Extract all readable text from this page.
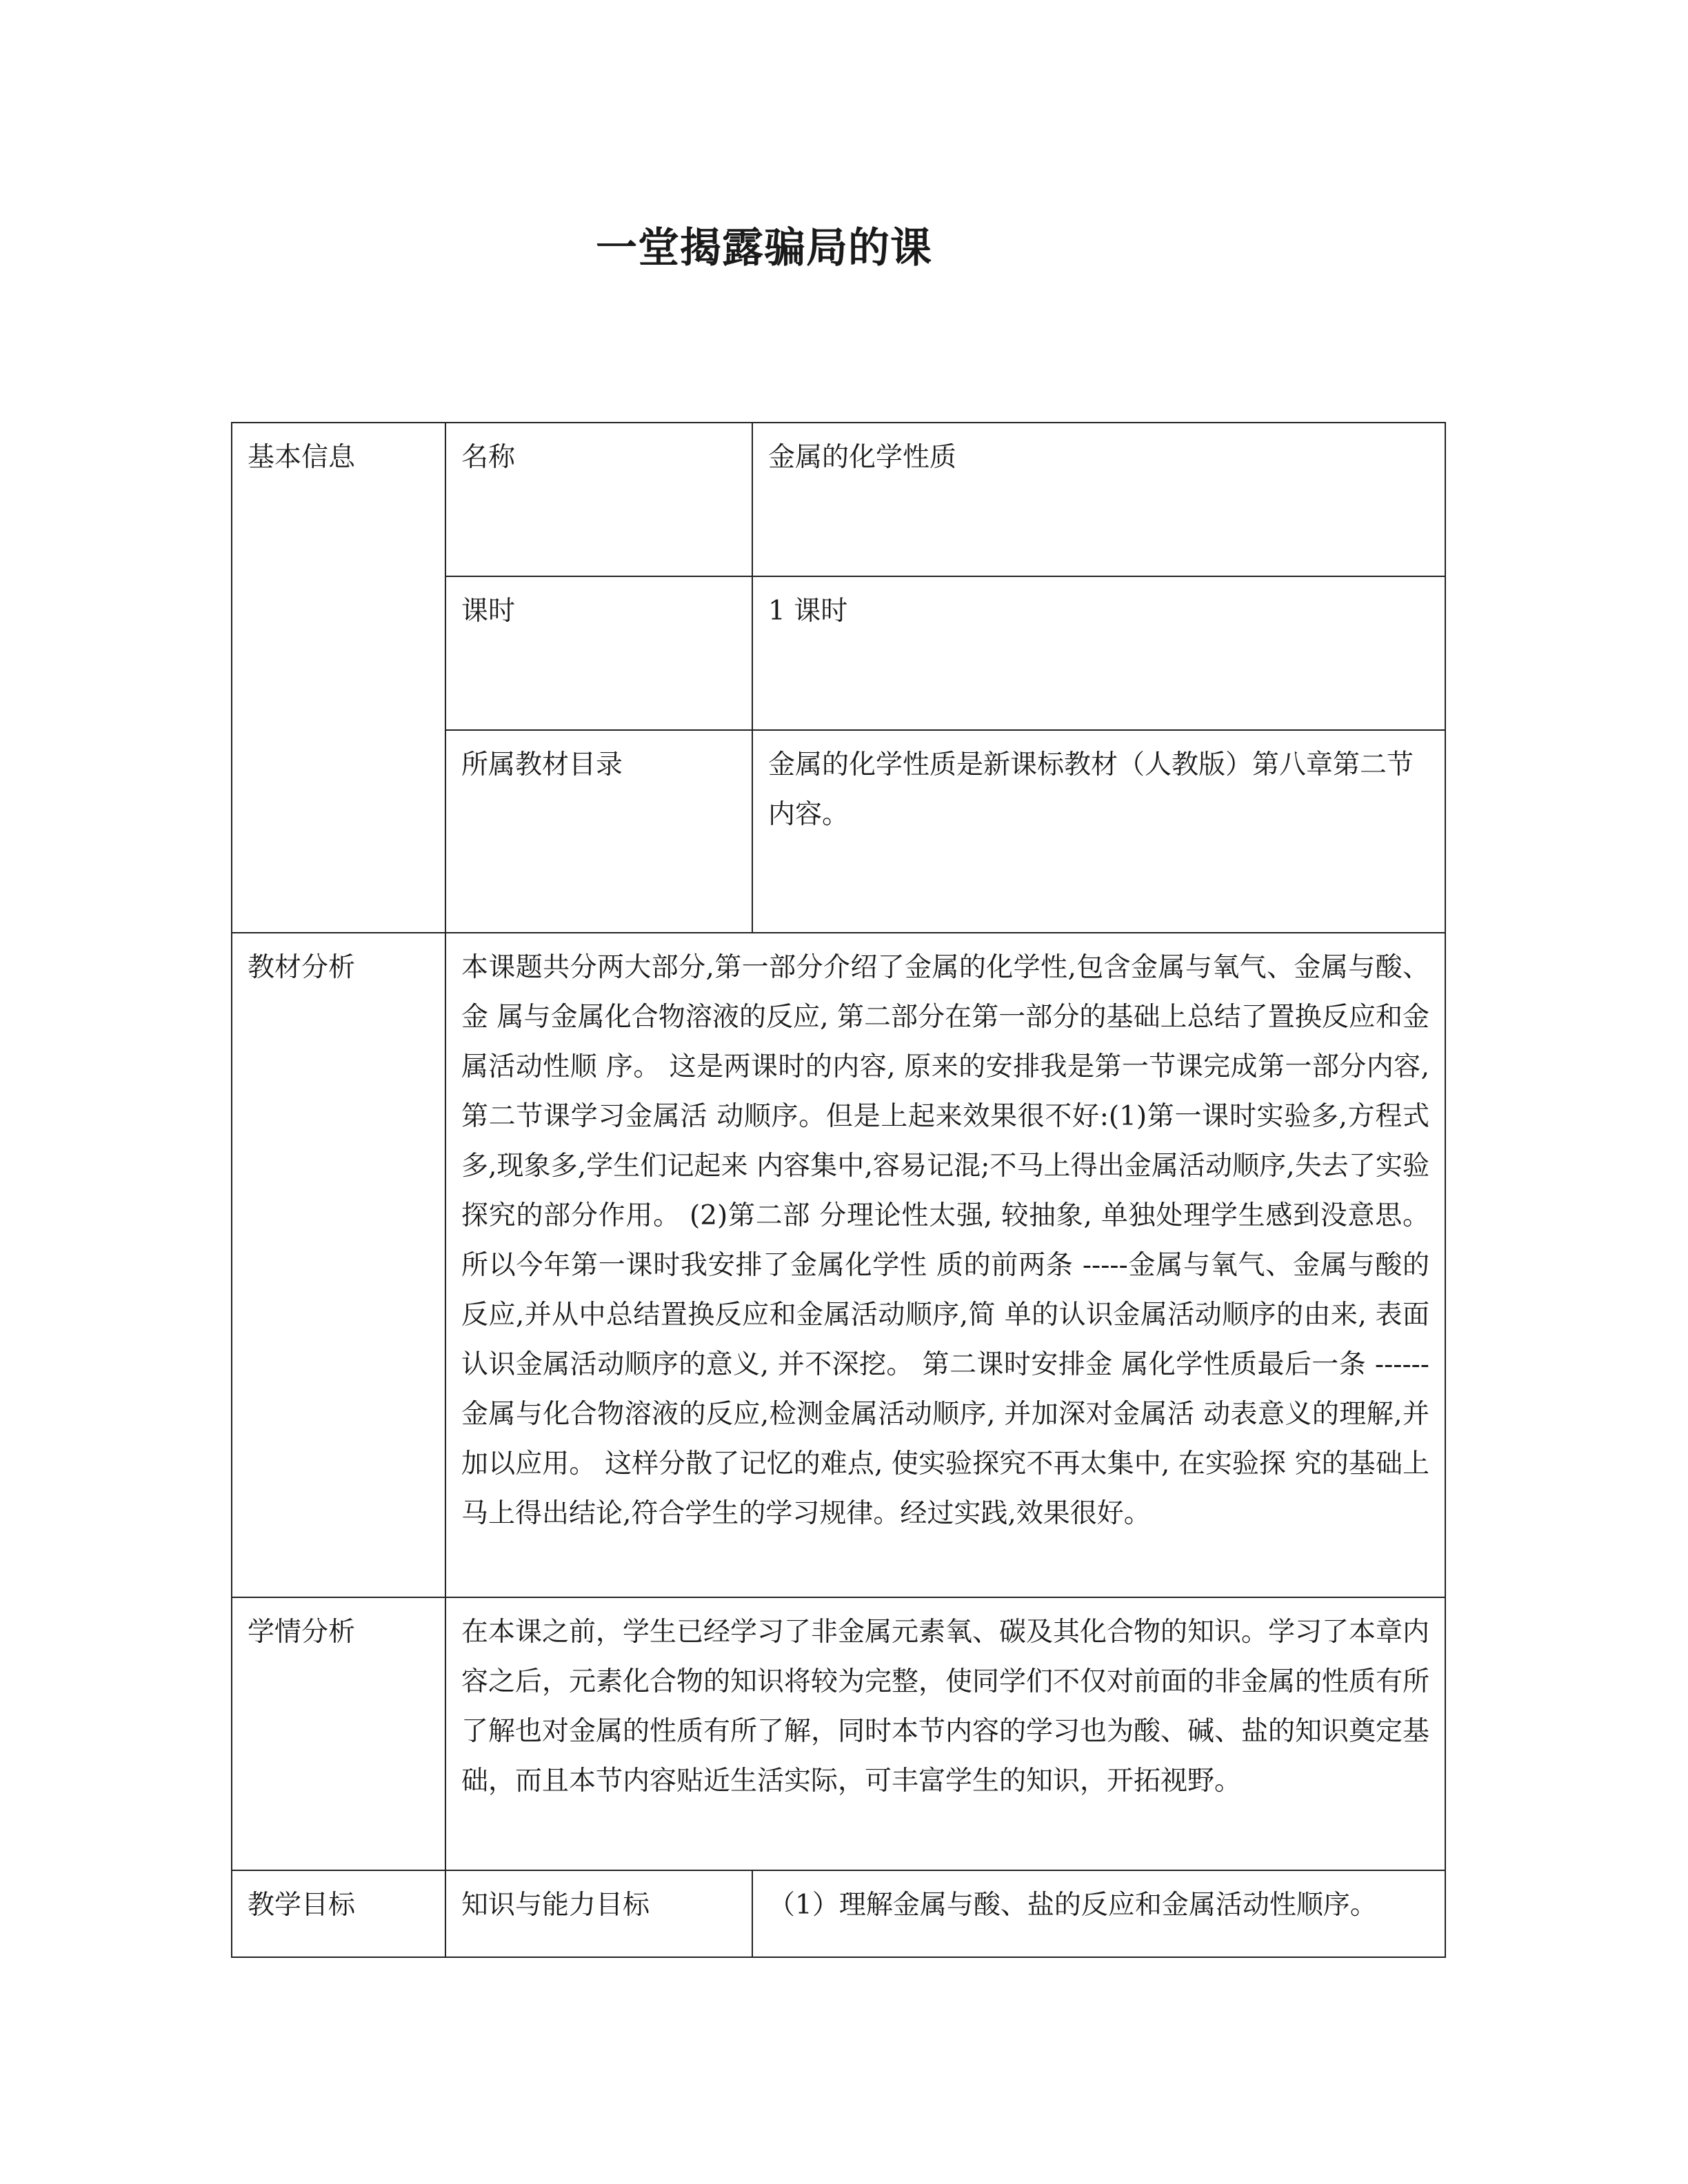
一堂揭露骗局的课
基本信息	名称	金属的化学性质
	课时	1 课时
	所属教材目录	金属的化学性质是新课标教材（人教版）第八章第二节内容。
教材分析	本课题共分两大部分,第一部分介绍了金属的化学性,包含金属与氧气、金属与酸、金 属与金属化合物溶液的反应, 第二部分在第一部分的基础上总结了置换反应和金属活动性顺 序。 这是两课时的内容, 原来的安排我是第一节课完成第一部分内容, 第二节课学习金属活 动顺序。但是上起来效果很不好:(1)第一课时实验多,方程式多,现象多,学生们记起来 内容集中,容易记混;不马上得出金属活动顺序,失去了实验探究的部分作用。 (2)第二部 分理论性太强, 较抽象, 单独处理学生感到没意思。 所以今年第一课时我安排了金属化学性 质的前两条 -----金属与氧气、金属与酸的反应,并从中总结置换反应和金属活动顺序,简 单的认识金属活动顺序的由来, 表面认识金属活动顺序的意义, 并不深挖。 第二课时安排金 属化学性质最后一条 ------金属与化合物溶液的反应,检测金属活动顺序, 并加深对金属活 动表意义的理解,并加以应用。 这样分散了记忆的难点, 使实验探究不再太集中, 在实验探 究的基础上马上得出结论,符合学生的学习规律。经过实践,效果很好。	
学情分析	在本课之前，学生已经学习了非金属元素氧、碳及其化合物的知识。学习了本章内容之后，元素化合物的知识将较为完整，使同学们不仅对前面的非金属的性质有所了解也对金属的性质有所了解，同时本节内容的学习也为酸、碱、盐的知识奠定基础，而且本节内容贴近生活实际，可丰富学生的知识，开拓视野。	
教学目标	知识与能力目标	（1）理解金属与酸、盐的反应和金属活动性顺序。
